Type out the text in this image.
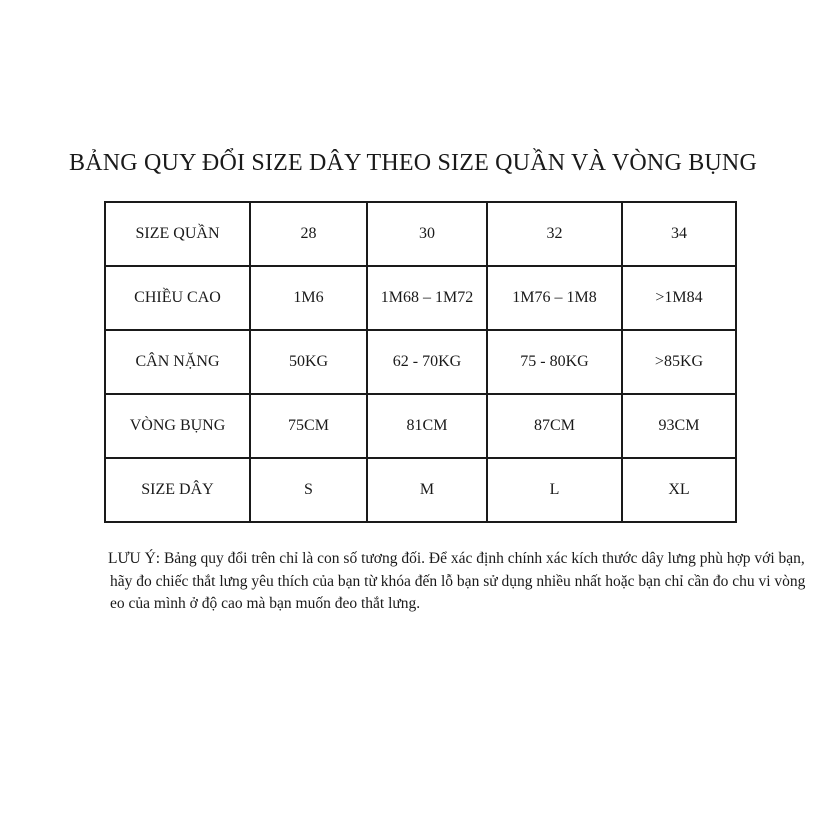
BẢNG QUY ĐỔI SIZE DÂY THEO SIZE QUẦN VÀ VÒNG BỤNG
SIZE QUẦN	28	30	32	34
CHIỀU CAO	1M6	1M68 – 1M72	1M76 – 1M8	>1M84
CÂN NẶNG	50KG	62 - 70KG	75 - 80KG	>85KG
VÒNG BỤNG	75CM	81CM	87CM	93CM
SIZE DÂY	S	M	L	XL
LƯU Ý: Bảng quy đổi trên chỉ là con số tương đối. Để xác định chính xác kích thước dây lưng phù hợp với bạn, hãy đo chiếc thắt lưng yêu thích của bạn từ khóa đến lỗ bạn sử dụng nhiều nhất hoặc bạn chỉ cần đo chu vi vòng eo của mình ở độ cao mà bạn muốn đeo thắt lưng.
